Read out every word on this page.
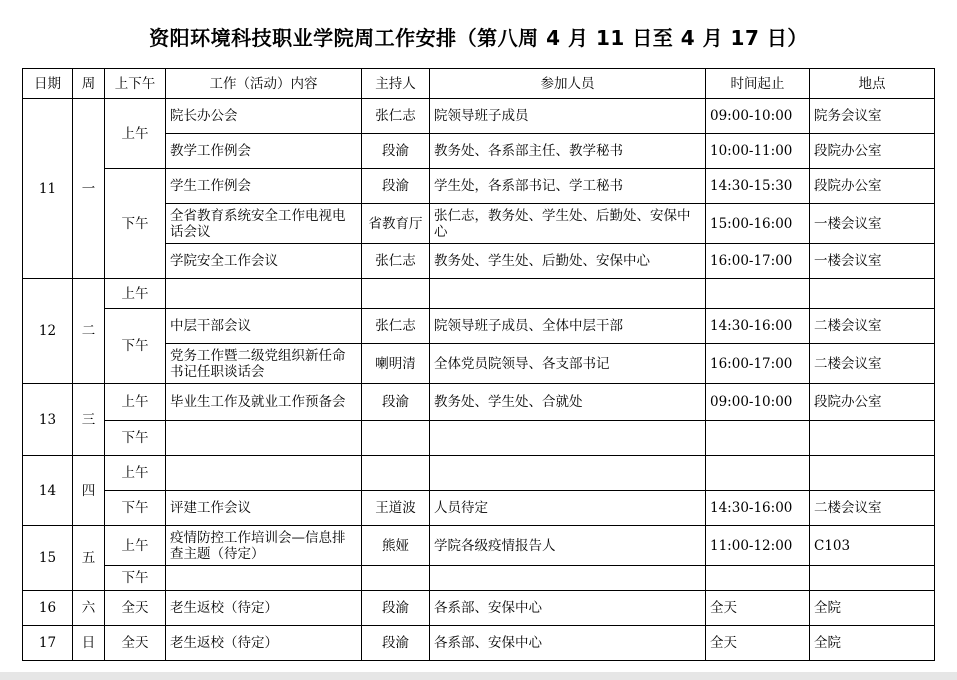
资阳环境科技职业学院周工作安排（第八周 4 月 11 日至 4 月 17 日）
日期	周	上下午	工作（活动）内容	主持人	参加人员	时间起止	地点
11	一	上午	院长办公会	张仁志	院领导班子成员	09:00-10:00	院务会议室
			教学工作例会	段渝	教务处、各系部主任、教学秘书	10:00-11:00	段院办公室
		下午	学生工作例会	段渝	学生处，各系部书记、学工秘书	14:30-15:30	段院办公室
			全省教育系统安全工作电视电话会议	省教育厅	张仁志，教务处、学生处、后勤处、安保中心	15:00-16:00	一楼会议室
			学院安全工作会议	张仁志	教务处、学生处、后勤处、安保中心	16:00-17:00	一楼会议室
12	二	上午					
		下午	中层干部会议	张仁志	院领导班子成员、全体中层干部	14:30-16:00	二楼会议室
			党务工作暨二级党组织新任命书记任职谈话会	喇明清	全体党员院领导、各支部书记	16:00-17:00	二楼会议室
13	三	上午	毕业生工作及就业工作预备会	段渝	教务处、学生处、合就处	09:00-10:00	段院办公室
		下午					
14	四	上午					
		下午	评建工作会议	王道波	人员待定	14:30-16:00	二楼会议室
15	五	上午	疫情防控工作培训会—信息排查主题（待定）	熊娅	学院各级疫情报告人	11:00-12:00	C103
		下午					
16	六	全天	老生返校（待定）	段渝	各系部、安保中心	全天	全院
17	日	全天	老生返校（待定）	段渝	各系部、安保中心	全天	全院
